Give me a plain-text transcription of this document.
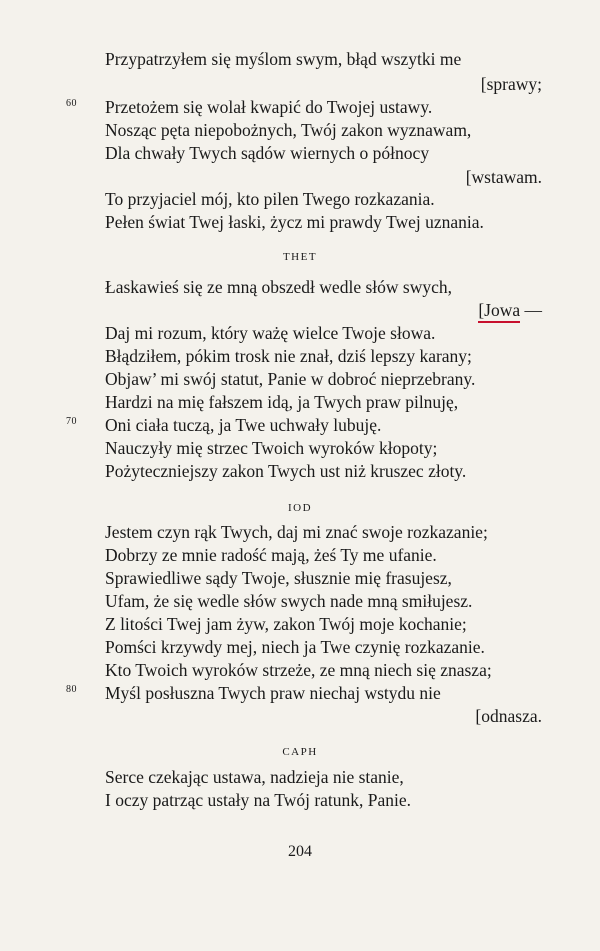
Przypatrzyłem się myślom swym, błąd wszytki me
[sprawy;
60 Przetożem się wolał kwapić do Twojej ustawy.
Nosząc pęta niepobożnych, Twój zakon wyznawam,
Dla chwały Twych sądów wiernych o północy
[wstawam.
To przyjaciel mój, kto pilen Twego rozkazania.
Pełen świat Twej łaski, życz mi prawdy Twej uznania.
THET
Łaskawieś się ze mną obszedł wedle słów swych,
[Jowa —
Daj mi rozum, który ważę wielce Twoje słowa.
Błądziłem, pókim trosk nie znał, dziś lepszy karany;
Objaw’ mi swój statut, Panie w dobroć nieprzebrany.
Hardzi na mię fałszem idą, ja Twych praw pilnuję,
70 Oni ciała tuczą, ja Twe uchwały lubuję.
Nauczyły mię strzec Twoich wyroków kłopoty;
Pożyteczniejszy zakon Twych ust niż kruszec złoty.
IOD
Jestem czyn rąk Twych, daj mi znać swoje rozkazanie;
Dobrzy ze mnie radość mają, żeś Ty me ufanie.
Sprawiedliwe sądy Twoje, słusznie mię frasujesz,
Ufam, że się wedle słów swych nade mną smiłujesz.
Z litości Twej jam żyw, zakon Twój moje kochanie;
Pomści krzywdy mej, niech ja Twe czynię rozkazanie.
Kto Twoich wyroków strzeże, ze mną niech się znasza;
80 Myśl posłuszna Twych praw niechaj wstydu nie
[odnasza.
CAPH
Serce czekając ustawa, nadzieja nie stanie,
I oczy patrząc ustały na Twój ratunk, Panie.
204
